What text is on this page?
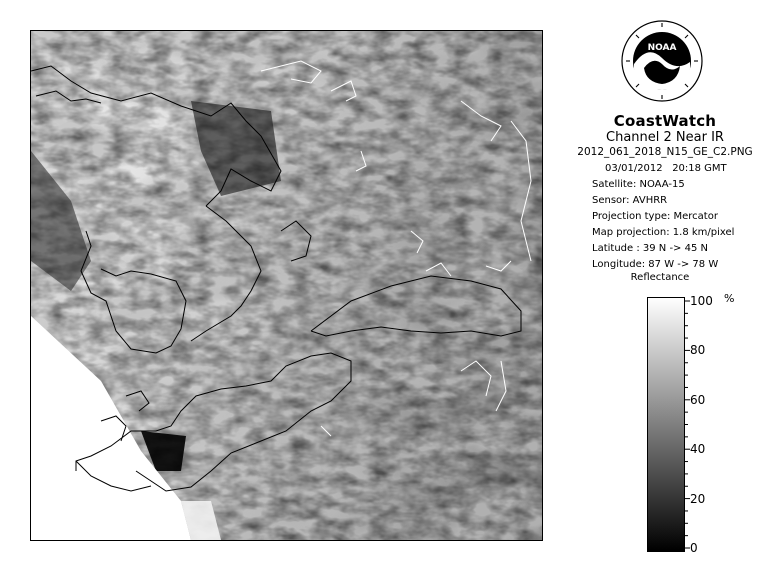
NOAA
CoastWatch
Channel 2 Near IR
2012_061_2018_N15_GE_C2.PNG
03/01/2012 20:18 GMT
Satellite: NOAA-15
Sensor: AVHRR
Projection type: Mercator
Map projection: 1.8 km/pixel
Latitude : 39 N -> 45 N
Longitude: 87 W -> 78 W
Reflectance
100
80
60
40
20
0
%
